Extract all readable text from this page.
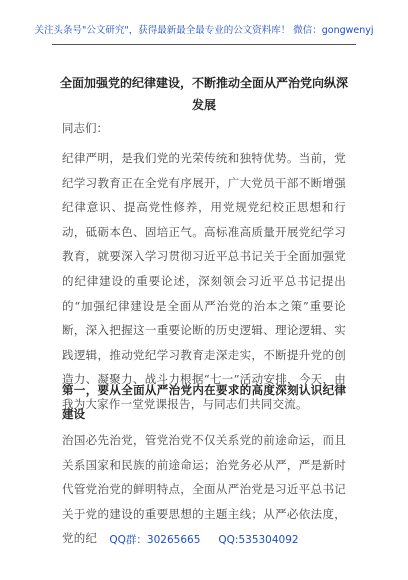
关注头条号"公文研究"，获得最新最全最专业的公文资料库！ 微信：gongwenyj
全面加强党的纪律建设，不断推动全面从严治党向纵深发展
同志们：
纪律严明，是我们党的光荣传统和独特优势。当前，党纪学习教育正在全党有序展开，广大党员干部不断增强纪律意识、提高党性修养，用党规党纪校正思想和行动，砥砺本色、固培正气。高标准高质量开展党纪学习教育，就要深入学习贯彻习近平总书记关于全面加强党的纪律建设的重要论述，深刻领会习近平总书记提出的“加强纪律建设是全面从严治党的治本之策”重要论断，深入把握这一重要论断的历史逻辑、理论逻辑、实践逻辑，推动党纪学习教育走深走实，不断提升党的创造力、凝聚力、战斗力根据“七一”活动安排，今天，由我为大家作一堂党课报告，与同志们共同交流。
第一，要从全面从严治党内在要求的高度深刻认识纪律建设
治国必先治党，管党治党不仅关系党的前途命运，而且关系国家和民族的前途命运；治党务必从严，严是新时代管党治党的鲜明特点，全面从严治党是习近平总书记关于党的建设的重要思想的主题主线；从严必依法度，党的纪	QQ群：30265665 QQ:535304092
